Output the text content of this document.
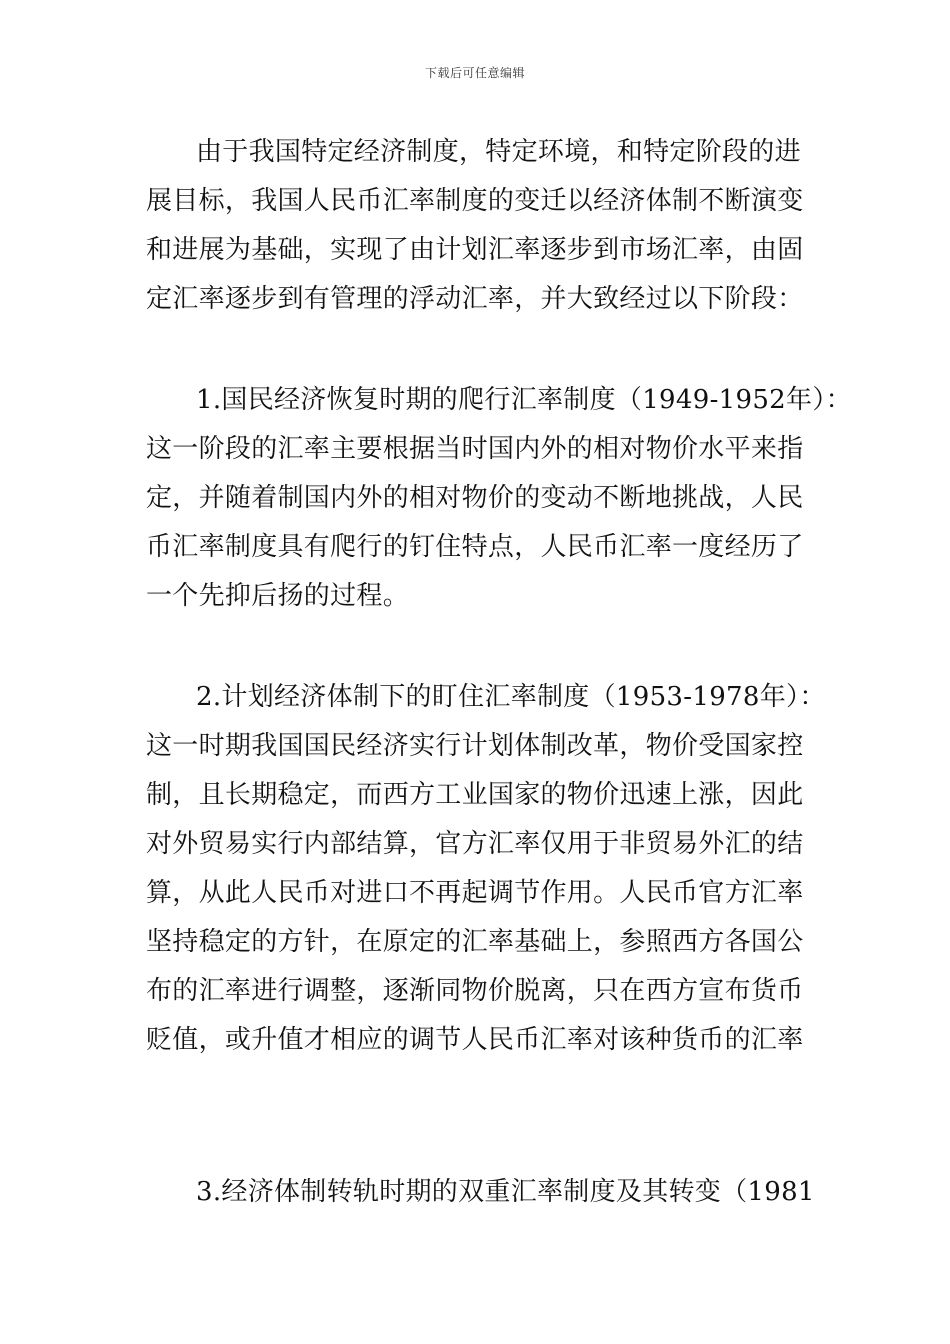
下载后可任意编辑
由于我国特定经济制度，特定环境，和特定阶段的进
展目标，我国人民币汇率制度的变迁以经济体制不断演变
和进展为基础，实现了由计划汇率逐步到市场汇率，由固
定汇率逐步到有管理的浮动汇率，并大致经过以下阶段：
1.国民经济恢复时期的爬行汇率制度（1949-1952年）：
这一阶段的汇率主要根据当时国内外的相对物价水平来指
定，并随着制国内外的相对物价的变动不断地挑战，人民
币汇率制度具有爬行的钉住特点，人民币汇率一度经历了
一个先抑后扬的过程。
2.计划经济体制下的盯住汇率制度（1953-1978年）：
这一时期我国国民经济实行计划体制改革，物价受国家控
制，且长期稳定，而西方工业国家的物价迅速上涨，因此
对外贸易实行内部结算，官方汇率仅用于非贸易外汇的结
算，从此人民币对进口不再起调节作用。人民币官方汇率
坚持稳定的方针，在原定的汇率基础上，参照西方各国公
布的汇率进行调整，逐渐同物价脱离，只在西方宣布货币
贬值，或升值才相应的调节人民币汇率对该种货币的汇率
3.经济体制转轨时期的双重汇率制度及其转变（1981
